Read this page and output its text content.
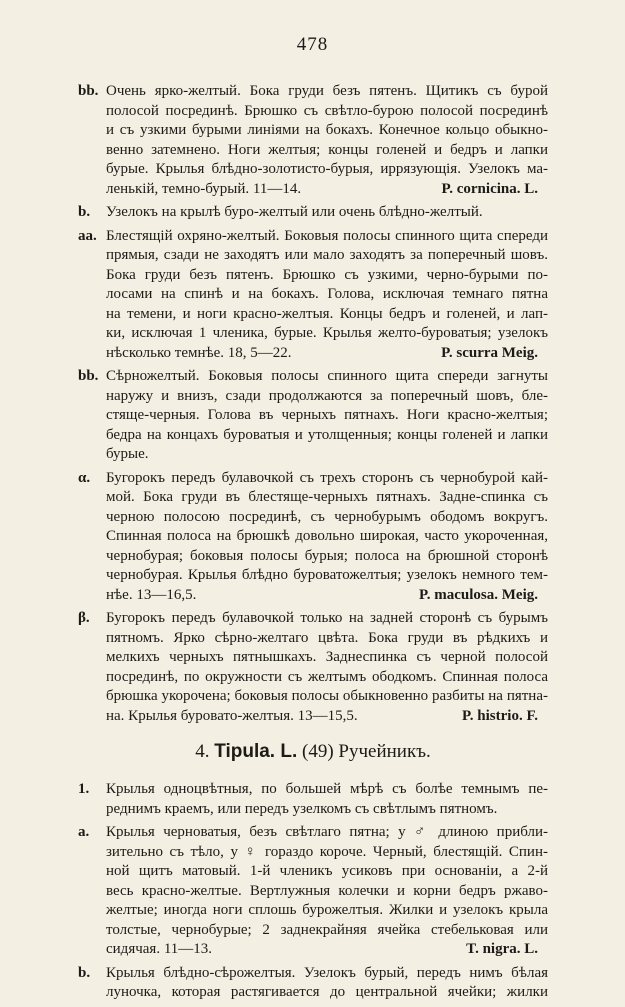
478
bb. Очень ярко-желтый. Бока груди безъ пятенъ. Щитикъ съ бурой
полосой посрединѣ. Брюшко съ свѣтло-бурою полосой посрединѣ
и съ узкими бурыми линіями на бокахъ. Конечное кольцо обыкно-
венно затемнено. Ноги желтыя; концы голеней и бедръ и лапки
бурые. Крылья блѣдно-золотисто-бурыя, иррязующія. Узелокъ ма-
ленькій, темно-бурый. 11—14.	P. cornicina. L.
b. Узелокъ на крылѣ буро-желтый или очень блѣдно-желтый.
aa. Блестящій охряно-желтый. Боковыя полосы спинного щита спереди
прямыя, сзади не заходятъ или мало заходятъ за поперечный шовъ.
Бока груди безъ пятенъ. Брюшко съ узкими, черно-бурыми по-
лосами на спинѣ и на бокахъ. Голова, исключая темнаго пятна
на темени, и ноги красно-желтыя. Концы бедръ и голеней, и лап-
ки, исключая 1 членика, бурые. Крылья желто-буроватыя; узелокъ
нѣсколько темнѣе. 18, 5—22.	P. scurra Meig.
bb. Сѣрножелтый. Боковыя полосы спинного щита спереди загнуты
наружу и внизъ, сзади продолжаются за поперечный шовъ, бле-
стяще-черныя. Голова въ черныхъ пятнахъ. Ноги красно-желтыя;
бедра на концахъ буроватыя и утолщенныя; концы голеней и лапки
бурые.
α. Бугорокъ передъ булавочкой съ трехъ сторонъ съ чернобурой кай-
мой. Бока груди въ блестяще-черныхъ пятнахъ. Задне-спинка съ
черною полосою посрединѣ, съ чернобурымъ ободомъ вокругъ.
Спинная полоса на брюшкѣ довольно широкая, часто укороченная,
чернобурая; боковыя полосы бурыя; полоса на брюшной сторонѣ
чернобурая. Крылья блѣдно буроватожелтыя; узелокъ немного тем-
нѣе. 13—16,5.	P. maculosa. Meig.
β. Бугорокъ передъ булавочкой только на задней сторонѣ съ бурымъ
пятномъ. Ярко сѣрно-желтаго цвѣта. Бока груди въ рѣдкихъ и
мелкихъ черныхъ пятнышкахъ. Заднеспинка съ черной полосой
посрединѣ, по окружности съ желтымъ ободкомъ. Спинная полоса
брюшка укорочена; боковыя полосы обыкновенно разбиты на пятна-
на. Крылья буровато-желтыя. 13—15,5.	P. histrio. F.
4. Tipula. L. (49) Ручейникъ.
1. Крылья одноцвѣтныя, по большей мѣрѣ съ болѣе темнымъ пе-
реднимъ краемъ, или передъ узелкомъ съ свѣтлымъ пятномъ.
a. Крылья черноватыя, безъ свѣтлаго пятна; у ♂ длиною прибли-
зительно съ тѣло, у ♀ гораздо короче. Черный, блестящій. Спин-
ной щитъ матовый. 1-й членикъ усиковъ при основаніи, а 2-й
весь красно-желтые. Вертлужныя колечки и корни бедръ ржаво-
желтые; иногда ноги сплошь бурожелтыя. Жилки и узелокъ крыла
толстые, чернобурые; 2 заднекрайняя ячейка стебельковая или
сидячая. 11—13.	T. nigra. L.
b. Крылья блѣдно-сѣрожелтыя. Узелокъ бурый, передъ нимъ бѣлая
луночка, которая растягивается до центральной ячейки; жилки
